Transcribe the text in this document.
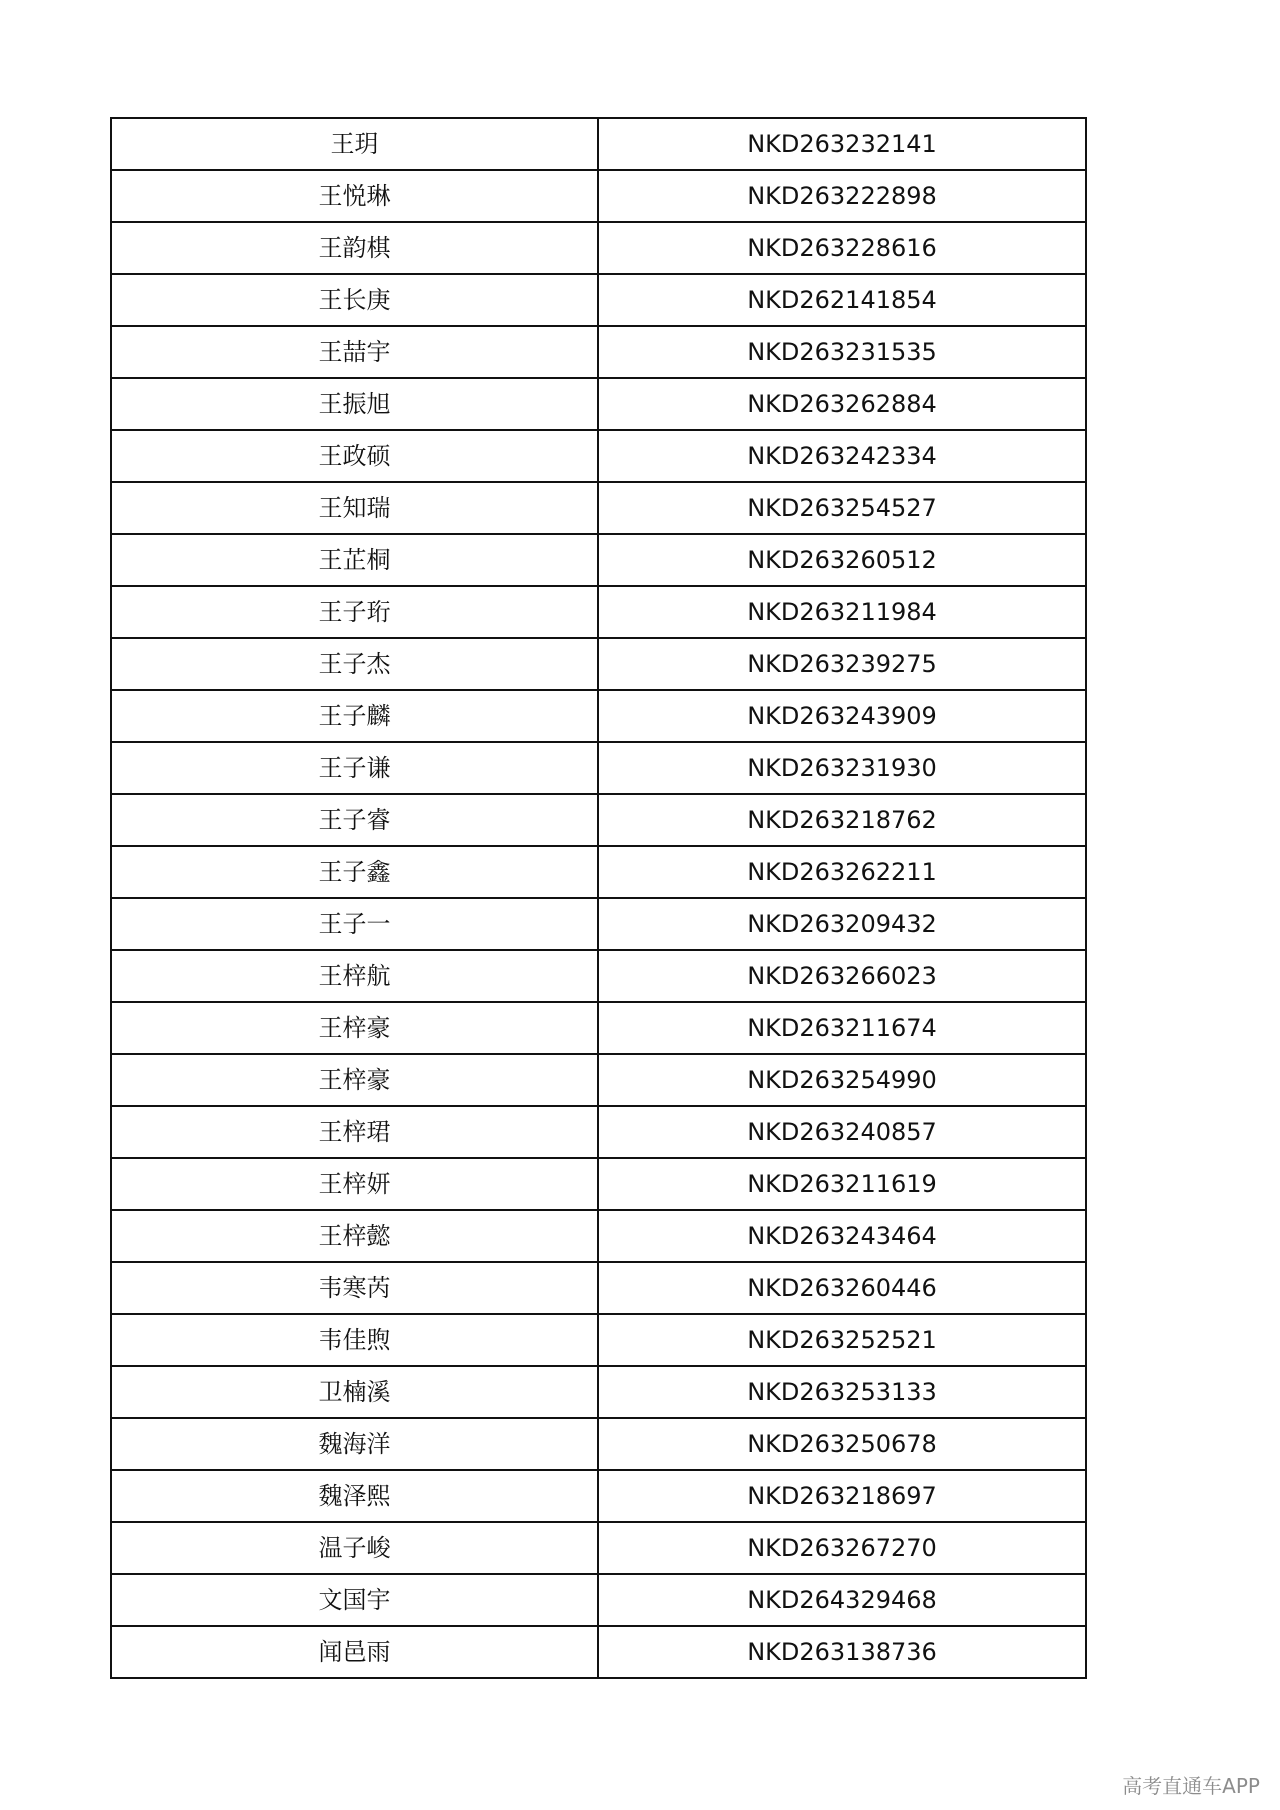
王玥	NKD263232141
王悦琳	NKD263222898
王韵棋	NKD263228616
王长庚	NKD262141854
王喆宇	NKD263231535
王振旭	NKD263262884
王政硕	NKD263242334
王知瑞	NKD263254527
王芷桐	NKD263260512
王子珩	NKD263211984
王子杰	NKD263239275
王子麟	NKD263243909
王子谦	NKD263231930
王子睿	NKD263218762
王子鑫	NKD263262211
王子一	NKD263209432
王梓航	NKD263266023
王梓豪	NKD263211674
王梓豪	NKD263254990
王梓珺	NKD263240857
王梓妍	NKD263211619
王梓懿	NKD263243464
韦寒芮	NKD263260446
韦佳煦	NKD263252521
卫楠溪	NKD263253133
魏海洋	NKD263250678
魏泽熙	NKD263218697
温子峻	NKD263267270
文国宇	NKD264329468
闻邑雨	NKD263138736
高考直通车APP
